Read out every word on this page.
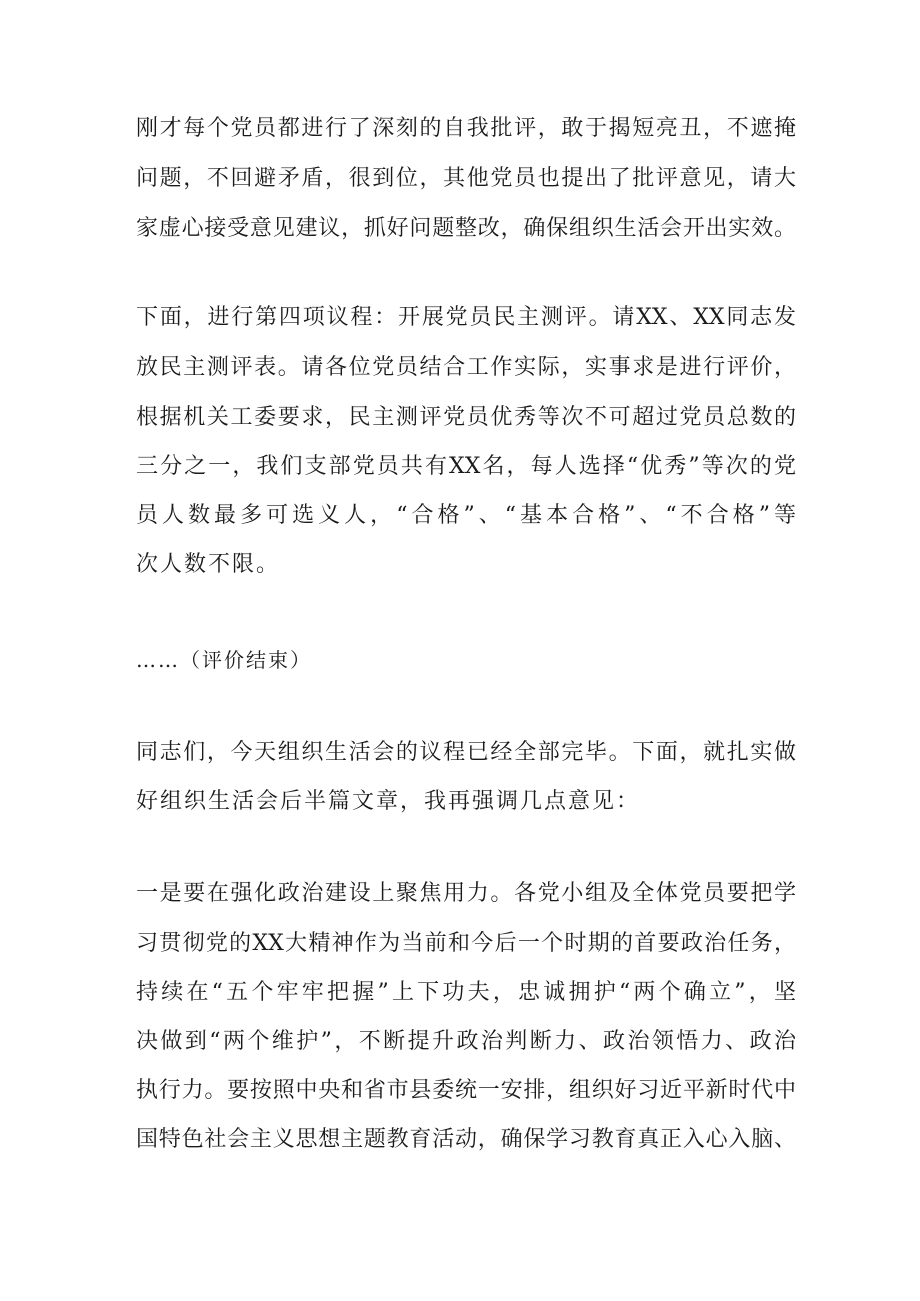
刚才每个党员都进行了深刻的自我批评，敢于揭短亮丑，不遮掩
问题，不回避矛盾，很到位，其他党员也提出了批评意见，请大
家虚心接受意见建议，抓好问题整改，确保组织生活会开出实效。
下面，进行第四项议程：开展党员民主测评。请XX、XX同志发
放民主测评表。请各位党员结合工作实际，实事求是进行评价，
根据机关工委要求，民主测评党员优秀等次不可超过党员总数的
三分之一，我们支部党员共有XX名，每人选择“优秀”等次的党
员人数最多可选义人，“合格”、“基本合格”、“不合格”等
次人数不限。
……（评价结束）
同志们，今天组织生活会的议程已经全部完毕。下面，就扎实做
好组织生活会后半篇文章，我再强调几点意见：
一是要在强化政治建设上聚焦用力。各党小组及全体党员要把学
习贯彻党的XX大精神作为当前和今后一个时期的首要政治任务，
持续在“五个牢牢把握”上下功夫，忠诚拥护“两个确立”，坚
决做到“两个维护”，不断提升政治判断力、政治领悟力、政治
执行力。要按照中央和省市县委统一安排，组织好习近平新时代中
国特色社会主义思想主题教育活动，确保学习教育真正入心入脑、
